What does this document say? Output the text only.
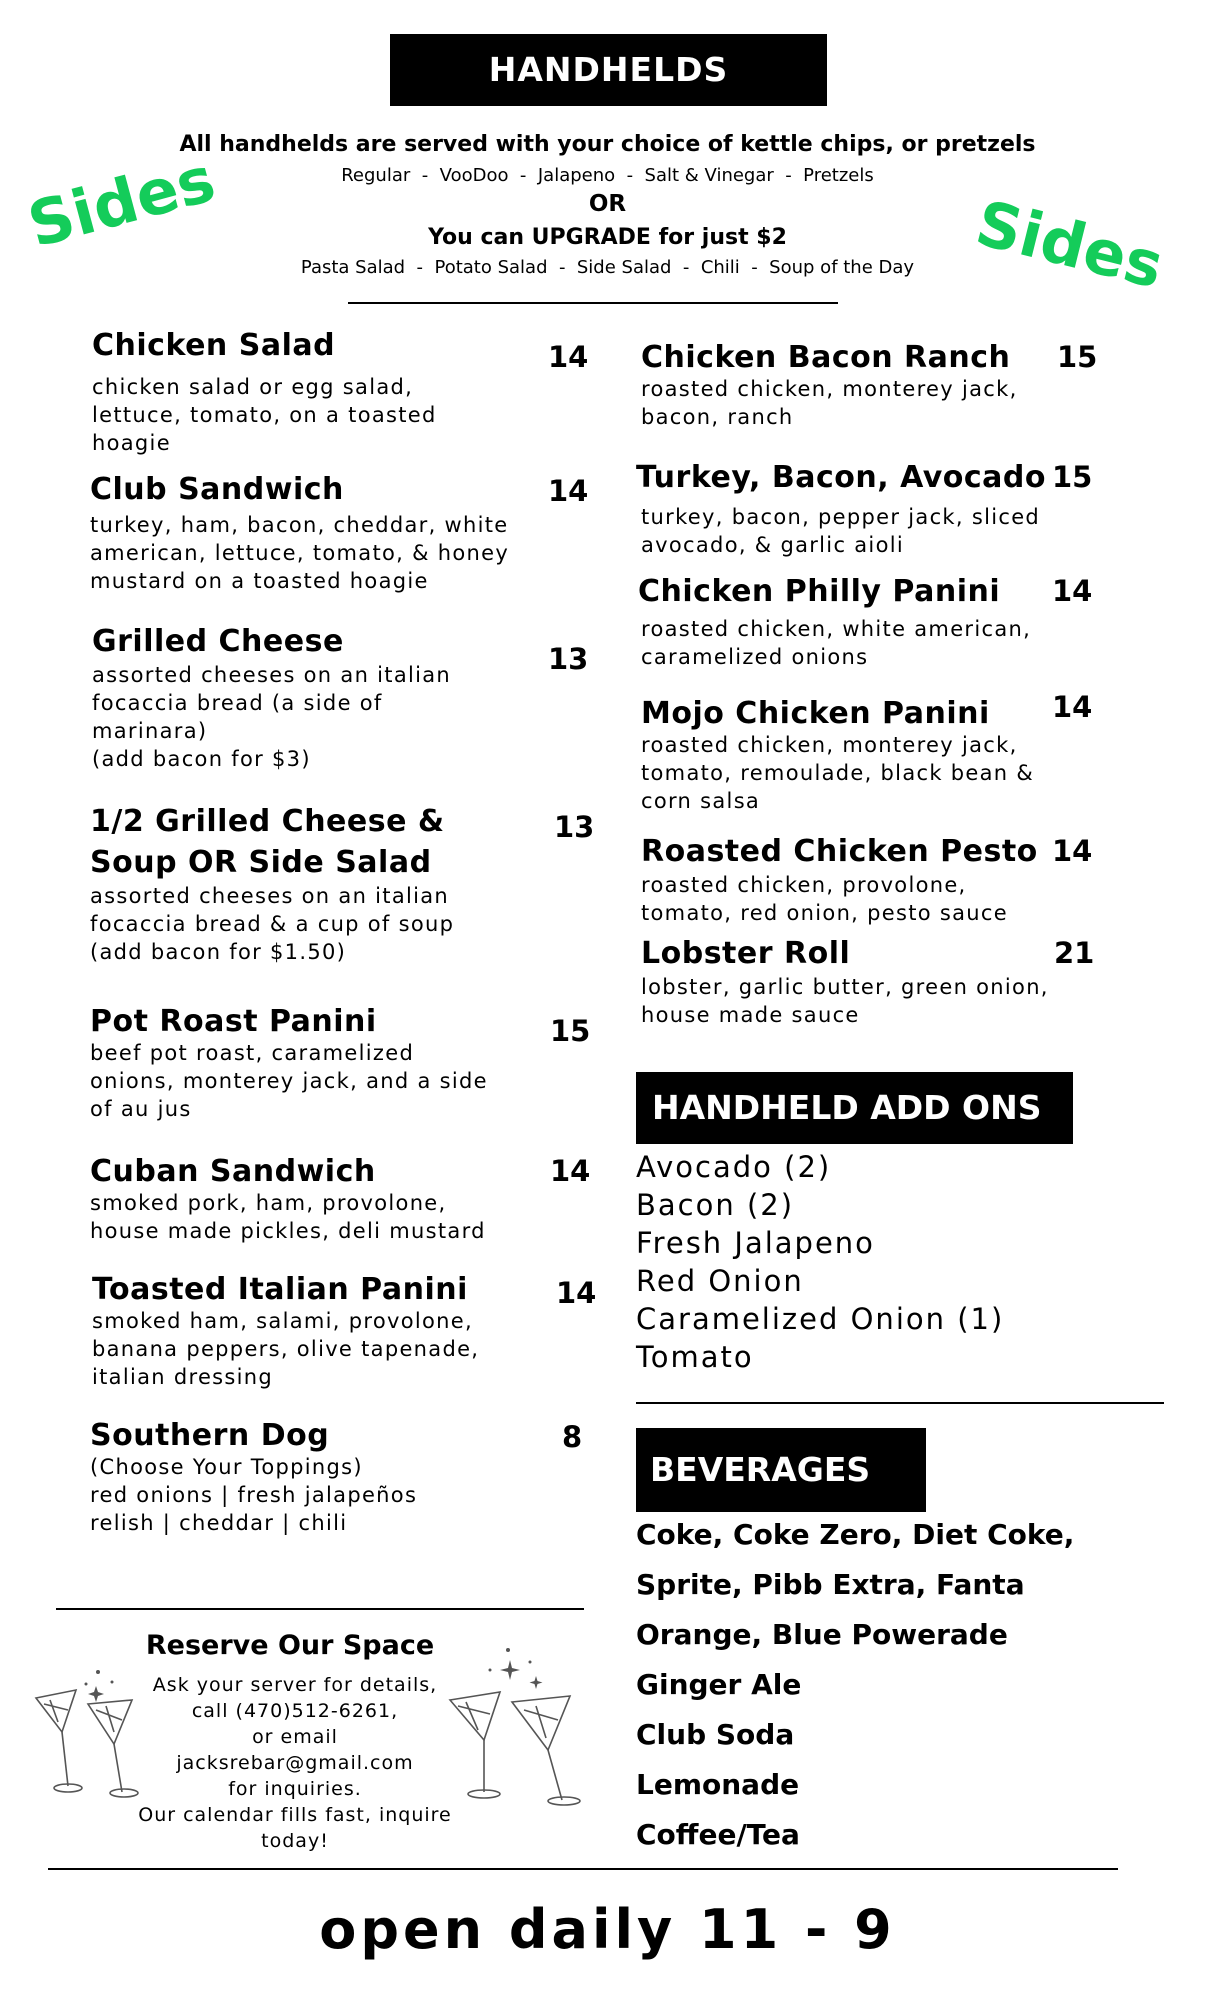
HANDHELDS
All handhelds are served with your choice of kettle chips, or pretzels
Regular  -  VooDoo  -  Jalapeno  -  Salt & Vinegar  -  Pretzels
OR
You can UPGRADE for just $2
Pasta Salad  -  Potato Salad  -  Side Salad  -  Chili  -  Soup of the Day
Sides	Sides
Chicken Salad
chicken salad or egg salad,
lettuce, tomato, on a toasted
hoagie
14
Club Sandwich
turkey, ham, bacon, cheddar, white
american, lettuce, tomato, & honey
mustard on a toasted hoagie
14
Grilled Cheese
assorted cheeses on an italian
focaccia bread (a side of
marinara)
(add bacon for $3)
13
1/2 Grilled Cheese &
Soup OR Side Salad
assorted cheeses on an italian
focaccia bread & a cup of soup
(add bacon for $1.50)
13
Pot Roast Panini
beef pot roast, caramelized
onions, monterey jack, and a side
of au jus
15
Cuban Sandwich
smoked pork, ham, provolone,
house made pickles, deli mustard
14
Toasted Italian Panini
smoked ham, salami, provolone,
banana peppers, olive tapenade,
italian dressing
14
Southern Dog
(Choose Your Toppings)
red onions | fresh jalapeños
relish | cheddar | chili
8
Chicken Bacon Ranch
roasted chicken, monterey jack,
bacon, ranch
15
Turkey, Bacon, Avocado
turkey, bacon, pepper jack, sliced
avocado, & garlic aioli
15
Chicken Philly Panini
roasted chicken, white american,
caramelized onions
14
Mojo Chicken Panini
roasted chicken, monterey jack,
tomato, remoulade, black bean &
corn salsa
14
Roasted Chicken Pesto
roasted chicken, provolone,
tomato, red onion, pesto sauce
14
Lobster Roll
lobster, garlic butter, green onion,
house made sauce
21
HANDHELD ADD ONS
Avocado (2)
Bacon (2)
Fresh Jalapeno
Red Onion
Caramelized Onion (1)
Tomato
BEVERAGES
Coke, Coke Zero, Diet Coke,
Sprite, Pibb Extra, Fanta
Orange, Blue Powerade
Ginger Ale
Club Soda
Lemonade
Coffee/Tea
Reserve Our Space
Ask your server for details,
call (470)512-6261,
or email
jacksrebar@gmail.com
for inquiries.
Our calendar fills fast, inquire
today!
open daily 11 - 9
